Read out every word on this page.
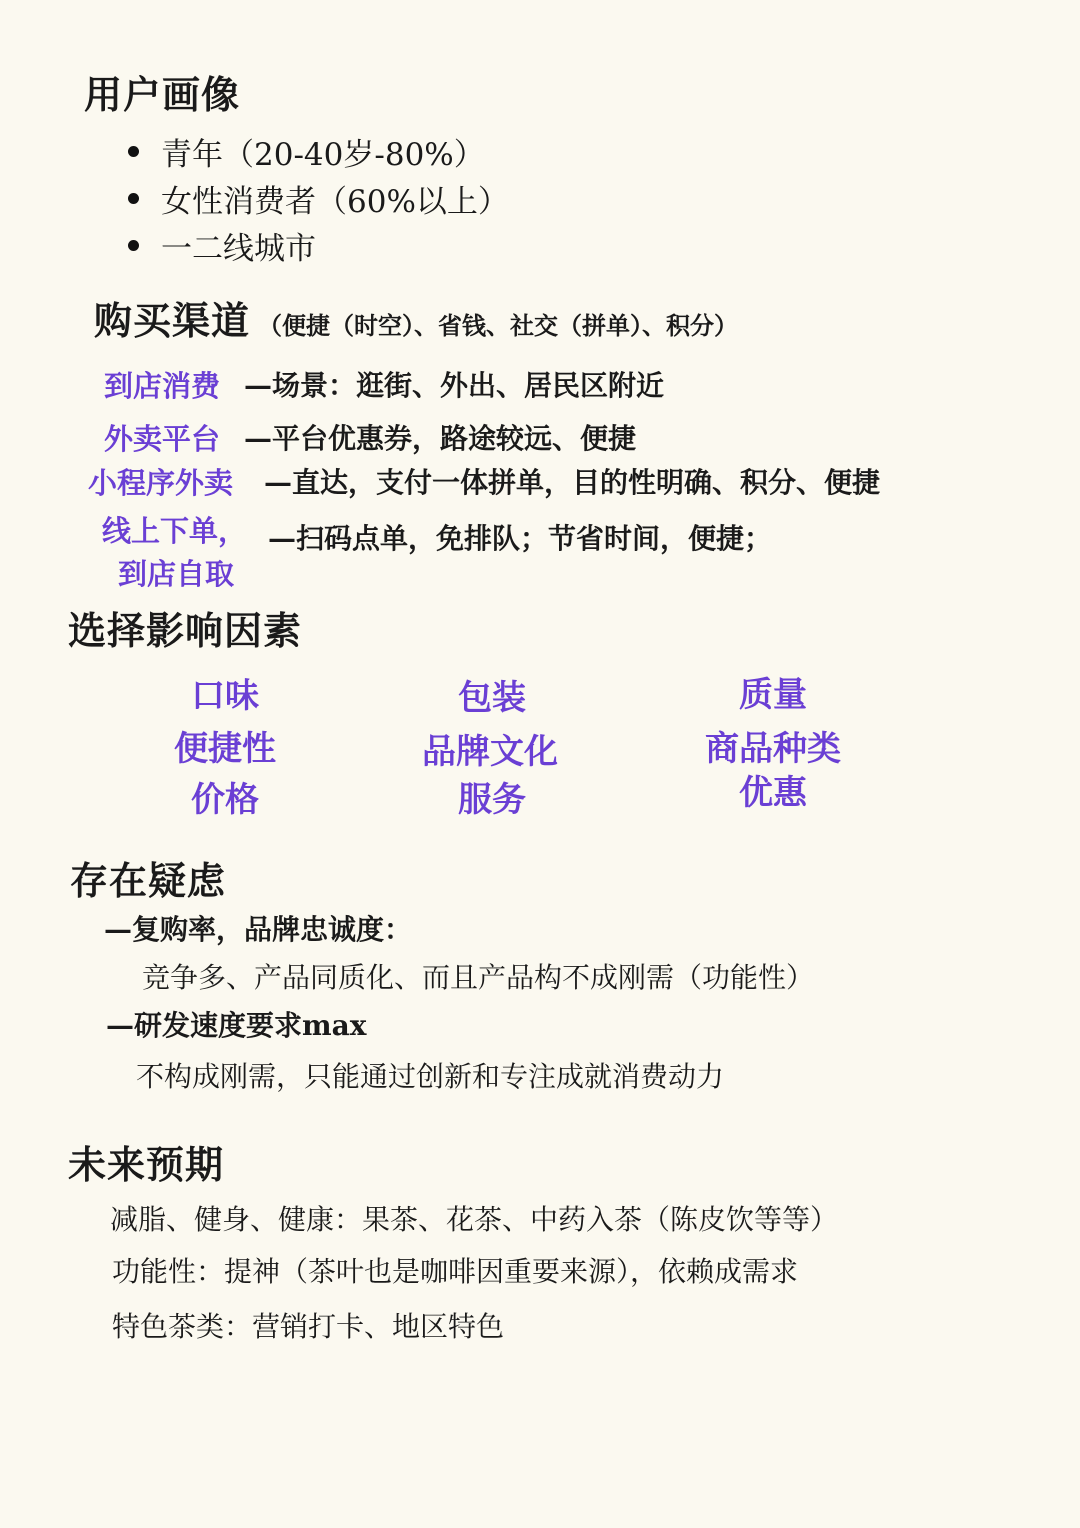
用户画像
青年（20-40岁-80%）
女性消费者（60%以上）
一二线城市
购买渠道 （便捷（时空）、省钱、社交（拼单）、积分）
到店消费 —场景：逛街、外出、居民区附近
外卖平台 —平台优惠券，路途较远、便捷
小程序外卖 —直达，支付一体拼单，目的性明确、积分、便捷
线上下单，
到店自取
—扫码点单，免排队；节省时间，便捷；
选择影响因素
口味
便捷性
价格
包装
品牌文化
服务
质量
商品种类
优惠
存在疑虑
—复购率，品牌忠诚度：
竞争多、产品同质化、而且产品构不成刚需（功能性）
—研发速度要求max
不构成刚需，只能通过创新和专注成就消费动力
未来预期
减脂、健身、健康：果茶、花茶、中药入茶（陈皮饮等等）
功能性：提神（茶叶也是咖啡因重要来源），依赖成需求
特色茶类：营销打卡、地区特色
